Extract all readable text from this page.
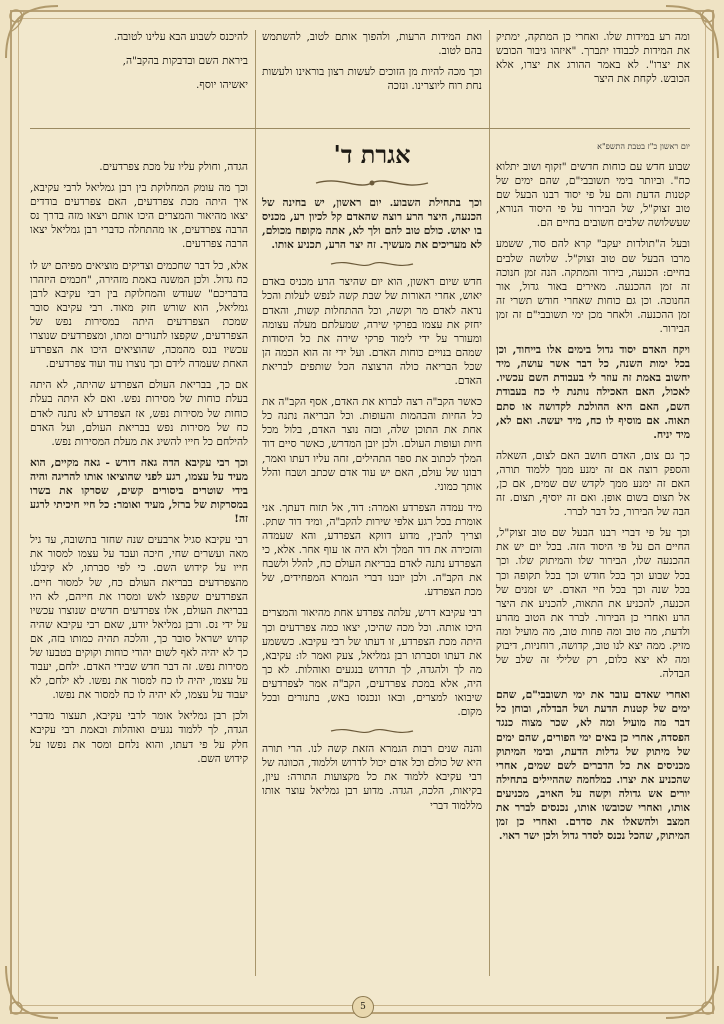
ומה רע במידות שלו. ואחרי כן המתקה, ימתיק את המידות לכבודו יתברך. "איזהו גיבור הכובש את יצרו". לא באמר ההורג את יצרו, אלא הכובש. לקחת את היצר

ואת המידות הרעות, ולהפוך אותם לטוב, להשתמש בהם לטוב.

וכך מכה להיות מן הזוכים לעשות רצון בוראינו ולעשות נחת רוח ליוצרינו. ונזכה

להיכנס לשבוע הבא עלינו לטובה.

ביראת השם ובדבקות בהקב"ה,

יאשיהו יוסף.

אגרת ד'	יום ראשון כ"ז בטבת התשפ"א

שבוע חדש עם כוחות חדשים "זקוף ושוב יתלוא כח". וביותר בימי תשובבי"ם, שהם ימים של קטנות הדעת והם על פי יסוד רבנו הבעל שם טוב זצוק"ל, של הבירור על פי היסוד הנורא, שעשלושה שלבים חשובים בחיים הם.

ובעל ה"תולדות יעקב" קרא להם סוד, ששמע מרבו הבעל שם טוב זצוק"ל. שלושה שלבים בחיים: הכנעה, בירור והמתקה. הנה זמן חנוכה זה זמן ההכנעה. מאירים באור גדול, אור החנוכה. וכן גם כוחות שאחרי חודש תשרי זה זמן ההכנעה. ולאחר מכן ימי תשובבי"ם זה זמן הבירור.

ויקח האדם יסוד גדול בימים אלו בייחוד, וכן בכל ימות השנה, כל דבר אשר עושה, מיד יחשוב באמת זה עוזר לי בעבודת השם עכשיו. לאכול, האם האכילה נותנת לי כח בעבודת השם, האם היא ההולכת לקדושה או סתם תאוה. אם מוסיף לו כח, מיד יעשה. ואם לא, מיד יניח.

כך גם צום, האדם חושב האם לצום, השאלה והספק רוצה אם זה ימנע ממך ללמוד תורה, האם זה ימנע ממך לקדש שם שמים, אם כן, אל תצום בשום אופן. ואם זה יוסיף, תצום. זה הבה של הבירור, כל דבר לברר.

וכך על פי דברי רבנו הבעל שם טוב זצוק"ל, החיים הם על פי היסוד הזה. בכל יום יש את ההכנעה שלו, הבירור שלו והמיתוק שלו. וכך בכל שבוע וכך בכל חודש וכך בכל תקופה וכך בכל שנה וכך בכל חיי האדם. יש זמנים של הכנעה, להכניע את התאוה, להכניע את היצר הרע ואחרי כן הבירור. לברר את הטוב מהרע ולדעת, מה טוב ומה פחות טוב, מה מועיל ומה מזיק. ממה יצא לנו טוב, קדושה, רוחניות, דיבוק ומה לא יצא כלום, רק שלילי זה שלב של הבדלה.

ואחרי שאדם עובר את ימי תשובבי"ם, שהם ימים של קטנות הדעת ושל הבדלה, ובוחן כל דבר מה מועיל ומה לא, שכר מצוה כנגד הפסדה, אחרי כן באים ימי הפורים, שהם ימים של מיתוק של גדלות הדעת, ובימי המיתוק מכניסים את כל הדברים לשם שמים, אחרי שהכניע את יצרו. כמלחמה שההיילים בתחילה יורים אש גדולה וקשה על האויב, מכניעים אותו, ואחרי שכובשו אותו, נכנסים לברר את המצב ולהשאלו את סדרם. ואחרי כן זמן המיתוק, שהכל נכנס לסדר גדול ולכן ישר ראוי.

וכך בתחילת השבוע. יום ראשון, יש בחינה של הכנעה, היצר הרע רוצה שהאדם קל לכיון רע, מכניס בו יאוש. כולם טוב להם ולך לא, אתה מקופח מכולם, לא מעריכים את מעשיך. זה יצר הרע, תכניע אותו.

חדש שיום ראשון, הוא יום שהיצר הרע מכניס באדם יאוש, אחרי האורות של שבת קשה לנפש לעלות והכל נראה לאדם מר וקשה, וכל ההתחלות קשות, והאדם יחזק את עצמו בפרקי שירה, שמעלתם מעלה עצומה ומעורר על ידי לימוד פרקי שירה את כל היסודות שמהם בנויים כוחות האדם. ועל ידי זה הוא הכמה הן שכל הבריאה כולה הרצוצה הכל שותפים לבריאת האדם.

כאשר הקב"ה רצה לברוא את האדם, אסף הקב"ה את כל החיות והבהמות והעופות. וכל הבריאה נתנה כל אחת את התוכן שלה, ובזה נוצר האדם, בלול מכל חיות ועופות העולם. ולכן יובן המדרש, כאשר סיים דוד המלך לכתוב את ספר התהילים, זחה עליו דעתו ואמר, רבונו של עולם, האם יש עוד אדם שכתב ושבח והלל אותך כמוני.

מיד עמדה הצפרדע ואמרה: דוד, אל תזוח דעתך. אני אומרת בכל רגע אלפי שירות להקב"ה, ומיד דוד שתק. וצריך להבין, מדוע דווקא הצפרדע, והא שעמדה והזכירה את דוד המלך ולא היה או עוף אחר. אלא, כי הצפרדע נתנה לאדם בבריאת העולם כח, להלל ולשבח את הקב"ה. ולכן יובנו דברי הגמרא המפחידים, של מכת הצפרדע.

רבי עקיבא דרש, עלתה צפרדע אחת מהיאור והמצרים היכו אותה. וכל מכה שהיכו, יצאו כמה צפרדעים וכך היתה מכת הצפרדע, זו דעתו של רבי עקיבא. כששמע את דעתו וסברתו רבן גמליאל, צעק ואמר לו: עקיבא, מה לך ולהגדה, לך תדרוש בנגעים ואוהלות. לא כך היה, אלא במכת צפרדעים, הקב"ה אמר לצפרדעים שיבואו למצרים, ובאו ונכנסו באש, בתנורים ובכל מקום.

והנה שנים רבות הגמרא הזאת קשה לנו. הרי תורה היא של כולם וכל אדם יכול לדרוש וללמוד, הכוונה של רבי עקיבא ללמוד את כל מקצועות התורה: עיון, בקיאות, הלכה, הגדה. מדוע רבן גמליאל עוצר אותו מללמוד דברי

הגדה, וחולק עליו על מכת צפרדעים.

וכך מה עומק המחלוקת בין רבן גמליאל לרבי עקיבא, איך היתה מכת צפרדעים, האם צפרדעים בודדים יצאו מהיאור והמצרים היכו אותם ויצאו מזה בדרך נס הרבה צפרדעים, או מהתחלה כדברי רבן גמליאל יצאו הרבה צפרדעים.

אלא, כל דבר שחכמים וצדיקים מוציאים מפיהם יש לו כח גדול. ולכן המשנה באמת מזהירה, "חכמים היזהרו בדבריכם" שעודש והמחלוקת בין רבי עקיבא לרבן גמליאל, הוא שורש חזק מאוד. רבי עקיבא סובר שמכת הצפרדעים היתה במסירות נפש של הצפרדעים, שקפצו לתנורים ומתו, ומצפרדעים שנוצרו עכשיו בנס מהמכה, שהוציאים היכו את הצפרדע האחת שעמדה לידם וכך נוצרו עוד ועוד צפרדעים.

אם כך, בבריאת העולם הצפרדע שהיתה, לא היתה בעלת כוחות של מסירות נפש. ואם לא היתה בעלת כוחות של מסירות נפש, אז הצפרדע לא נתנה לאדם כח של מסירות נפש בבריאת העולם, ועל האדם להילחם כל חייו להשיג את מעלת המסירות נפש.

וכך רבי עקיבא הדה גאה דורש - גאה מקיים, הוא מעיד על עצמו, רגע לפני שהוציאו אותו להריגה והיה בידי שוטרים ביסורים קשים, שסרקו את בשרו במסרקות של ברזל, מעיד ואומר: כל חיי חיכיתי לרגע זה!

רבי עקיבא סגיל ארבעים שנה שחזר בתשובה, עד גיל מאה ועשרים שחי, חיכה ועבד על עצמו למסור את חייו על קידוש השם. כי לפי סברתו, לא קיבלנו מהצפרדעים בבריאת העולם כח, של למסור חיים. הצפרדעים שקפצו לאש ומסרו את חייהם, לא היו בבריאת העולם, אלו צפרדעים חדשים שנוצרו עכשיו על ידי נס. ורבן גמליאל יודע, שאם רבי עקיבא שהיה קדוש ישראל סובר כך, והלכה תהיה כמותו בזה, אם כך לא יהיה לאף לשום יהודי כוחות וקוקים בטבעו של מסירות נפש. זה דבר חדש שבידי האדם. ילחם, יעבוד על עצמו, יהיה לו כח למסור את נפשו. לא ילחם, לא יעבוד על עצמו, לא יהיה לו כח למסור את נפשו.

ולכן רבן גמליאל אומר לרבי עקיבא, תעצור מדברי הגדה, לך ללמוד נגעים ואוהלות ובאמת רבי עקיבא חלק על פי דעתו, והוא נלחם ומסר את נפשו על קידוש השם.

5
